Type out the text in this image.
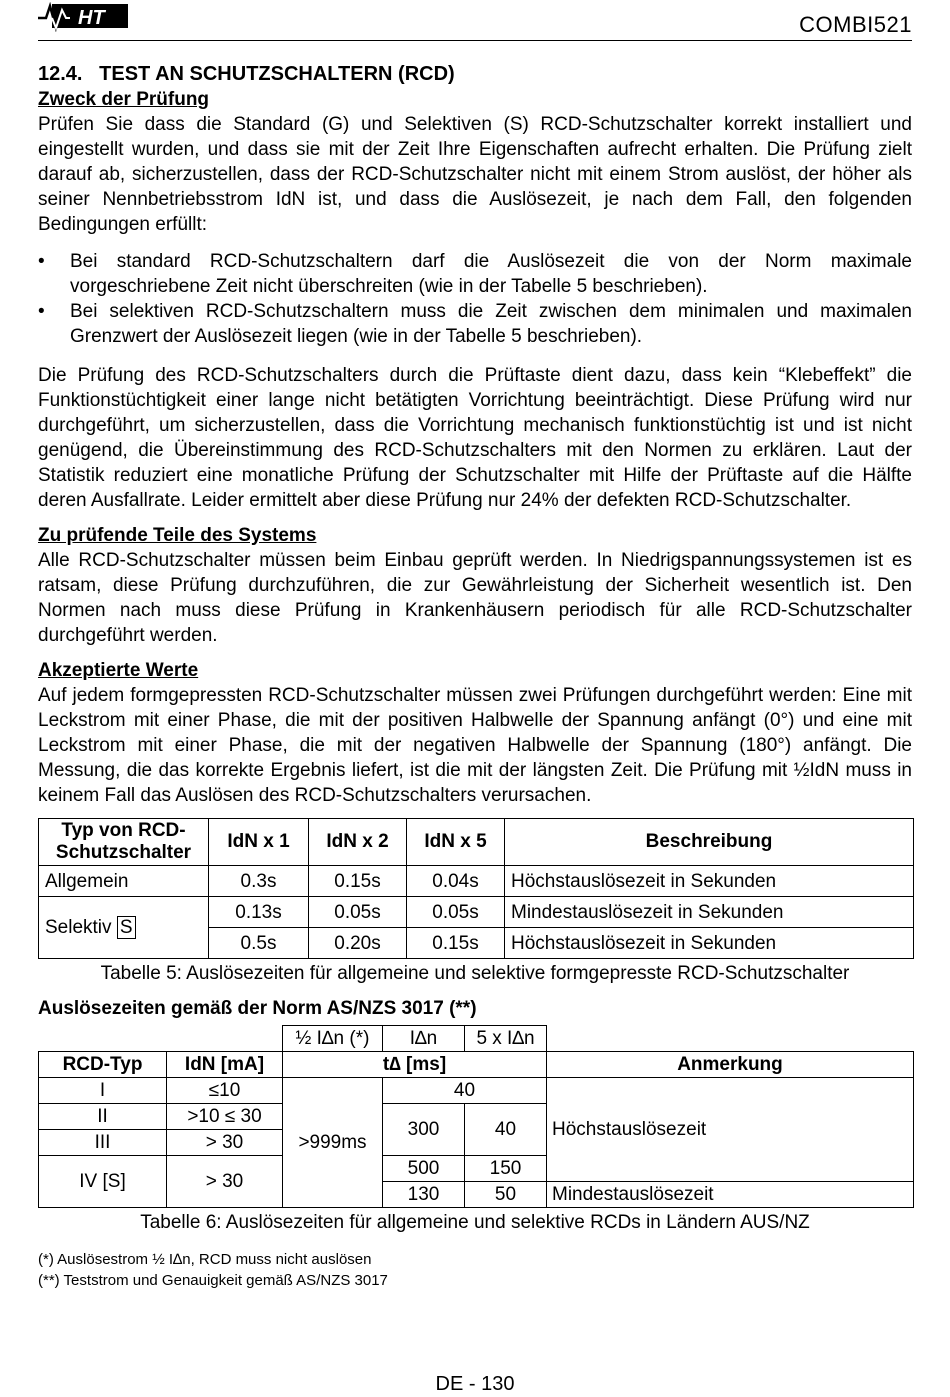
HT	COMBI521
12.4. TEST AN SCHUTZSCHALTERN (RCD)
Zweck der Prüfung

Prüfen Sie dass die Standard (G) und Selektiven (S) RCD-Schutzschalter korrekt installiert und eingestellt wurden, und dass sie mit der Zeit Ihre Eigenschaften aufrecht erhalten. Die Prüfung zielt darauf ab, sicherzustellen, dass der RCD-Schutzschalter nicht mit einem Strom auslöst, der höher als seiner Nennbetriebsstrom IdN ist, und dass die Auslösezeit, je nach dem Fall, den folgenden Bedingungen erfüllt:

• Bei standard RCD-Schutzschaltern darf die Auslösezeit die von der Norm maximale vorgeschriebene Zeit nicht überschreiten (wie in der Tabelle 5 beschrieben).
• Bei selektiven RCD-Schutzschaltern muss die Zeit zwischen dem minimalen und maximalen Grenzwert der Auslösezeit liegen (wie in der Tabelle 5 beschrieben).

Die Prüfung des RCD-Schutzschalters durch die Prüftaste dient dazu, dass kein “Klebeffekt” die Funktionstüchtigkeit einer lange nicht betätigten Vorrichtung beeinträchtigt. Diese Prüfung wird nur durchgeführt, um sicherzustellen, dass die Vorrichtung mechanisch funktionstüchtig ist und ist nicht genügend, die Übereinstimmung des RCD-Schutzschalters mit den Normen zu erklären. Laut der Statistik reduziert eine monatliche Prüfung der Schutzschalter mit Hilfe der Prüftaste auf die Hälfte deren Ausfallrate. Leider ermittelt aber diese Prüfung nur 24% der defekten RCD-Schutzschalter.

Zu prüfende Teile des Systems

Alle RCD-Schutzschalter müssen beim Einbau geprüft werden. In Niedrigspannungssystemen ist es ratsam, diese Prüfung durchzuführen, die zur Gewährleistung der Sicherheit wesentlich ist. Den Normen nach muss diese Prüfung in Krankenhäusern periodisch für alle RCD-Schutzschalter durchgeführt werden.

Akzeptierte Werte

Auf jedem formgepressten RCD-Schutzschalter müssen zwei Prüfungen durchgeführt werden: Eine mit Leckstrom mit einer Phase, die mit der positiven Halbwelle der Spannung anfängt (0°) und eine mit Leckstrom mit einer Phase, die mit der negativen Halbwelle der Spannung (180°) anfängt. Die Messung, die das korrekte Ergebnis liefert, ist die mit der längsten Zeit. Die Prüfung mit ½IdN muss in keinem Fall das Auslösen des RCD-Schutzschalters verursachen.

Typ von RCD-Schutzschalter	IdN x 1	IdN x 2	IdN x 5	Beschreibung
Allgemein	0.3s	0.15s	0.04s	Höchstauslösezeit in Sekunden
Selektiv S	0.13s	0.05s	0.05s	Mindestauslösezeit in Sekunden
	0.5s	0.20s	0.15s	Höchstauslösezeit in Sekunden
Tabelle 5: Auslösezeiten für allgemeine und selektive formgepresste RCD-Schutzschalter
Auslösezeiten gemäß der Norm AS/NZS 3017 (**)
		½ I∆n (*)	I∆n	5 x I∆n	
RCD-Typ	IdN [mA]	t∆ [ms]			Anmerkung
I	≤10	>999ms	40		Höchstauslösezeit
II	>10 ≤ 30		300	40	
III	> 30				
IV [S]	> 30		500	150	
			130	50	Mindestauslösezeit
Tabelle 6: Auslösezeiten für allgemeine und selektive RCDs in Ländern AUS/NZ
(*) Auslösestrom ½ I∆n, RCD muss nicht auslösen
(**) Teststrom und Genauigkeit gemäß AS/NZS 3017
DE - 130
